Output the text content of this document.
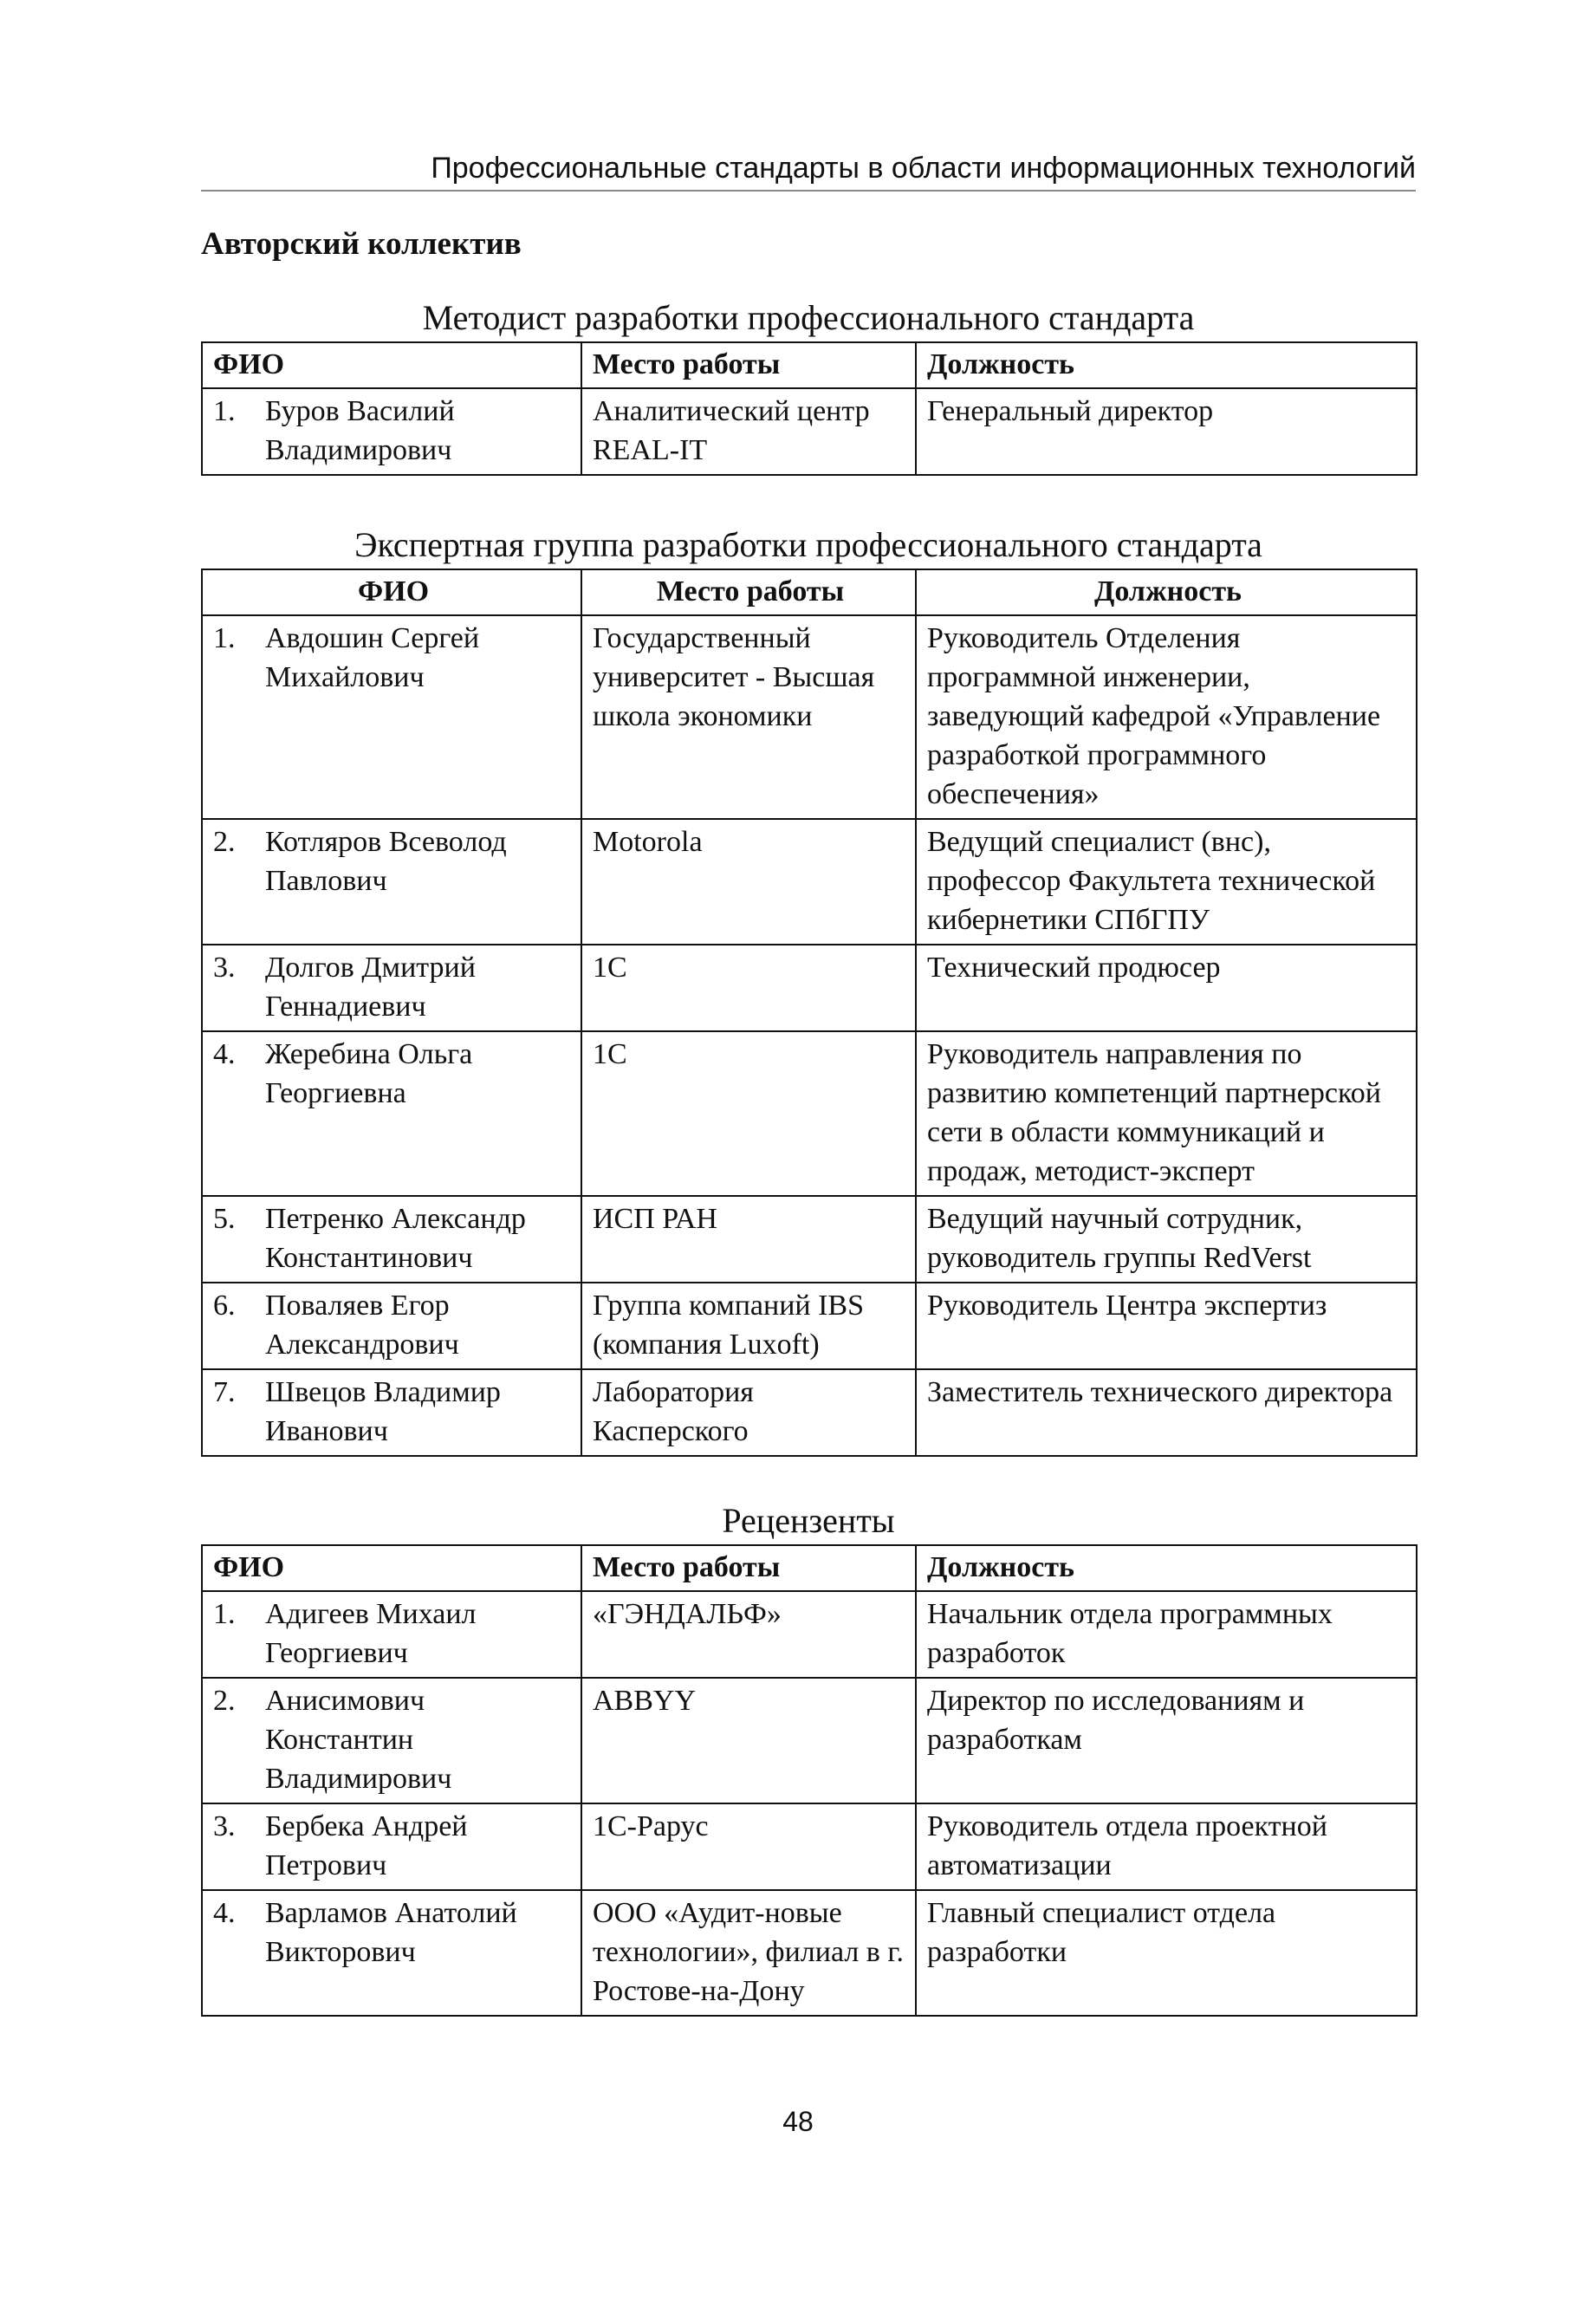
Профессиональные стандарты в области информационных технологий
Авторский коллектив
Методист разработки профессионального стандарта
ФИО	Место работы	Должность

1. Буров Василий Владимирович	Аналитический центр REAL-IT	Генеральный директор
Экспертная группа разработки профессионального стандарта
ФИО	Место работы	Должность

1. Авдошин Сергей Михайлович	Государственный университет - Высшая школа экономики	Руководитель Отделения программной инженерии, заведующий кафедрой «Управление разработкой программного обеспечения»

2. Котляров Всеволод Павлович	Motorola	Ведущий специалист (внс), профессор Факультета технической кибернетики СПбГПУ

3. Долгов Дмитрий Геннадиевич	1С	Технический продюсер

4. Жеребина Ольга Георгиевна	1С	Руководитель направления по развитию компетенций партнерской сети в области коммуникаций и продаж, методист-эксперт

5. Петренко Александр Константинович	ИСП РАН	Ведущий научный сотрудник, руководитель группы RedVerst

6. Поваляев Егор Александрович	Группа компаний IBS (компания Luxoft)	Руководитель Центра экспертиз

7. Швецов Владимир Иванович	Лаборатория Касперского	Заместитель технического директора
Рецензенты
ФИО	Место работы	Должность

1. Адигеев Михаил Георгиевич	«ГЭНДАЛЬФ»	Начальник отдела программных разработок

2. Анисимович Константин Владимирович	ABBYY	Директор по исследованиям и разработкам

3. Бербека Андрей Петрович	1С-Рарус	Руководитель отдела проектной автоматизации

4. Варламов Анатолий Викторович	ООО «Аудит-новые технологии», филиал в г. Ростове-на-Дону	Главный специалист отдела разработки
48
